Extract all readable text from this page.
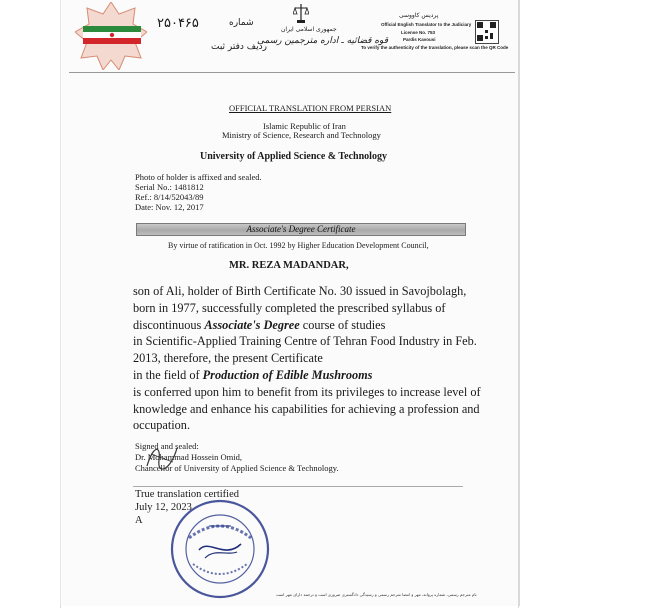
۲۵۰۴۶۵	شماره
ردیف دفتر ثبت
جمهوری اسلامی ایران
قوه قضائیه ـ اداره مترجمین رسمی
پردیس کاووسی
Official English Translator to the Judiciary
License No. 753
Pardis Kavousi
To verify the authenticity of the translation, please scan the QR Code
OFFICIAL TRANSLATION FROM PERSIAN
Islamic Republic of Iran
Ministry of Science, Research and Technology
University of Applied Science & Technology
Photo of holder is affixed and sealed.
Serial No.: 1481812
Ref.: 8/14/52043/89
Date: Nov. 12, 2017
Associate's Degree Certificate
By virtue of ratification in Oct. 1992 by Higher Education Development Council,
MR. REZA MADANDAR,
son of Ali, holder of Birth Certificate No. 30 issued in Savojbolagh,
born in 1977, successfully completed the prescribed syllabus of
discontinuous Associate's Degree course of studies
in Scientific-Applied Training Centre of Tehran Food Industry in Feb.
2013, therefore, the present Certificate
in the field of Production of Edible Mushrooms
is conferred upon him to benefit from its privileges to increase level of
knowledge and enhance his capabilities for achieving a profession and
occupation.
Signed and sealed:
Dr. Mohammad Hossein Omid,
Chancellor of University of Applied Science & Technology.
True translation certified
July 12, 2023
A
نام مترجم رسمی، شماره پروانه، مهر و امضا مترجم رسمی و رسیدگی دادگستری ضروری است و ترجمه دارای مهر است
